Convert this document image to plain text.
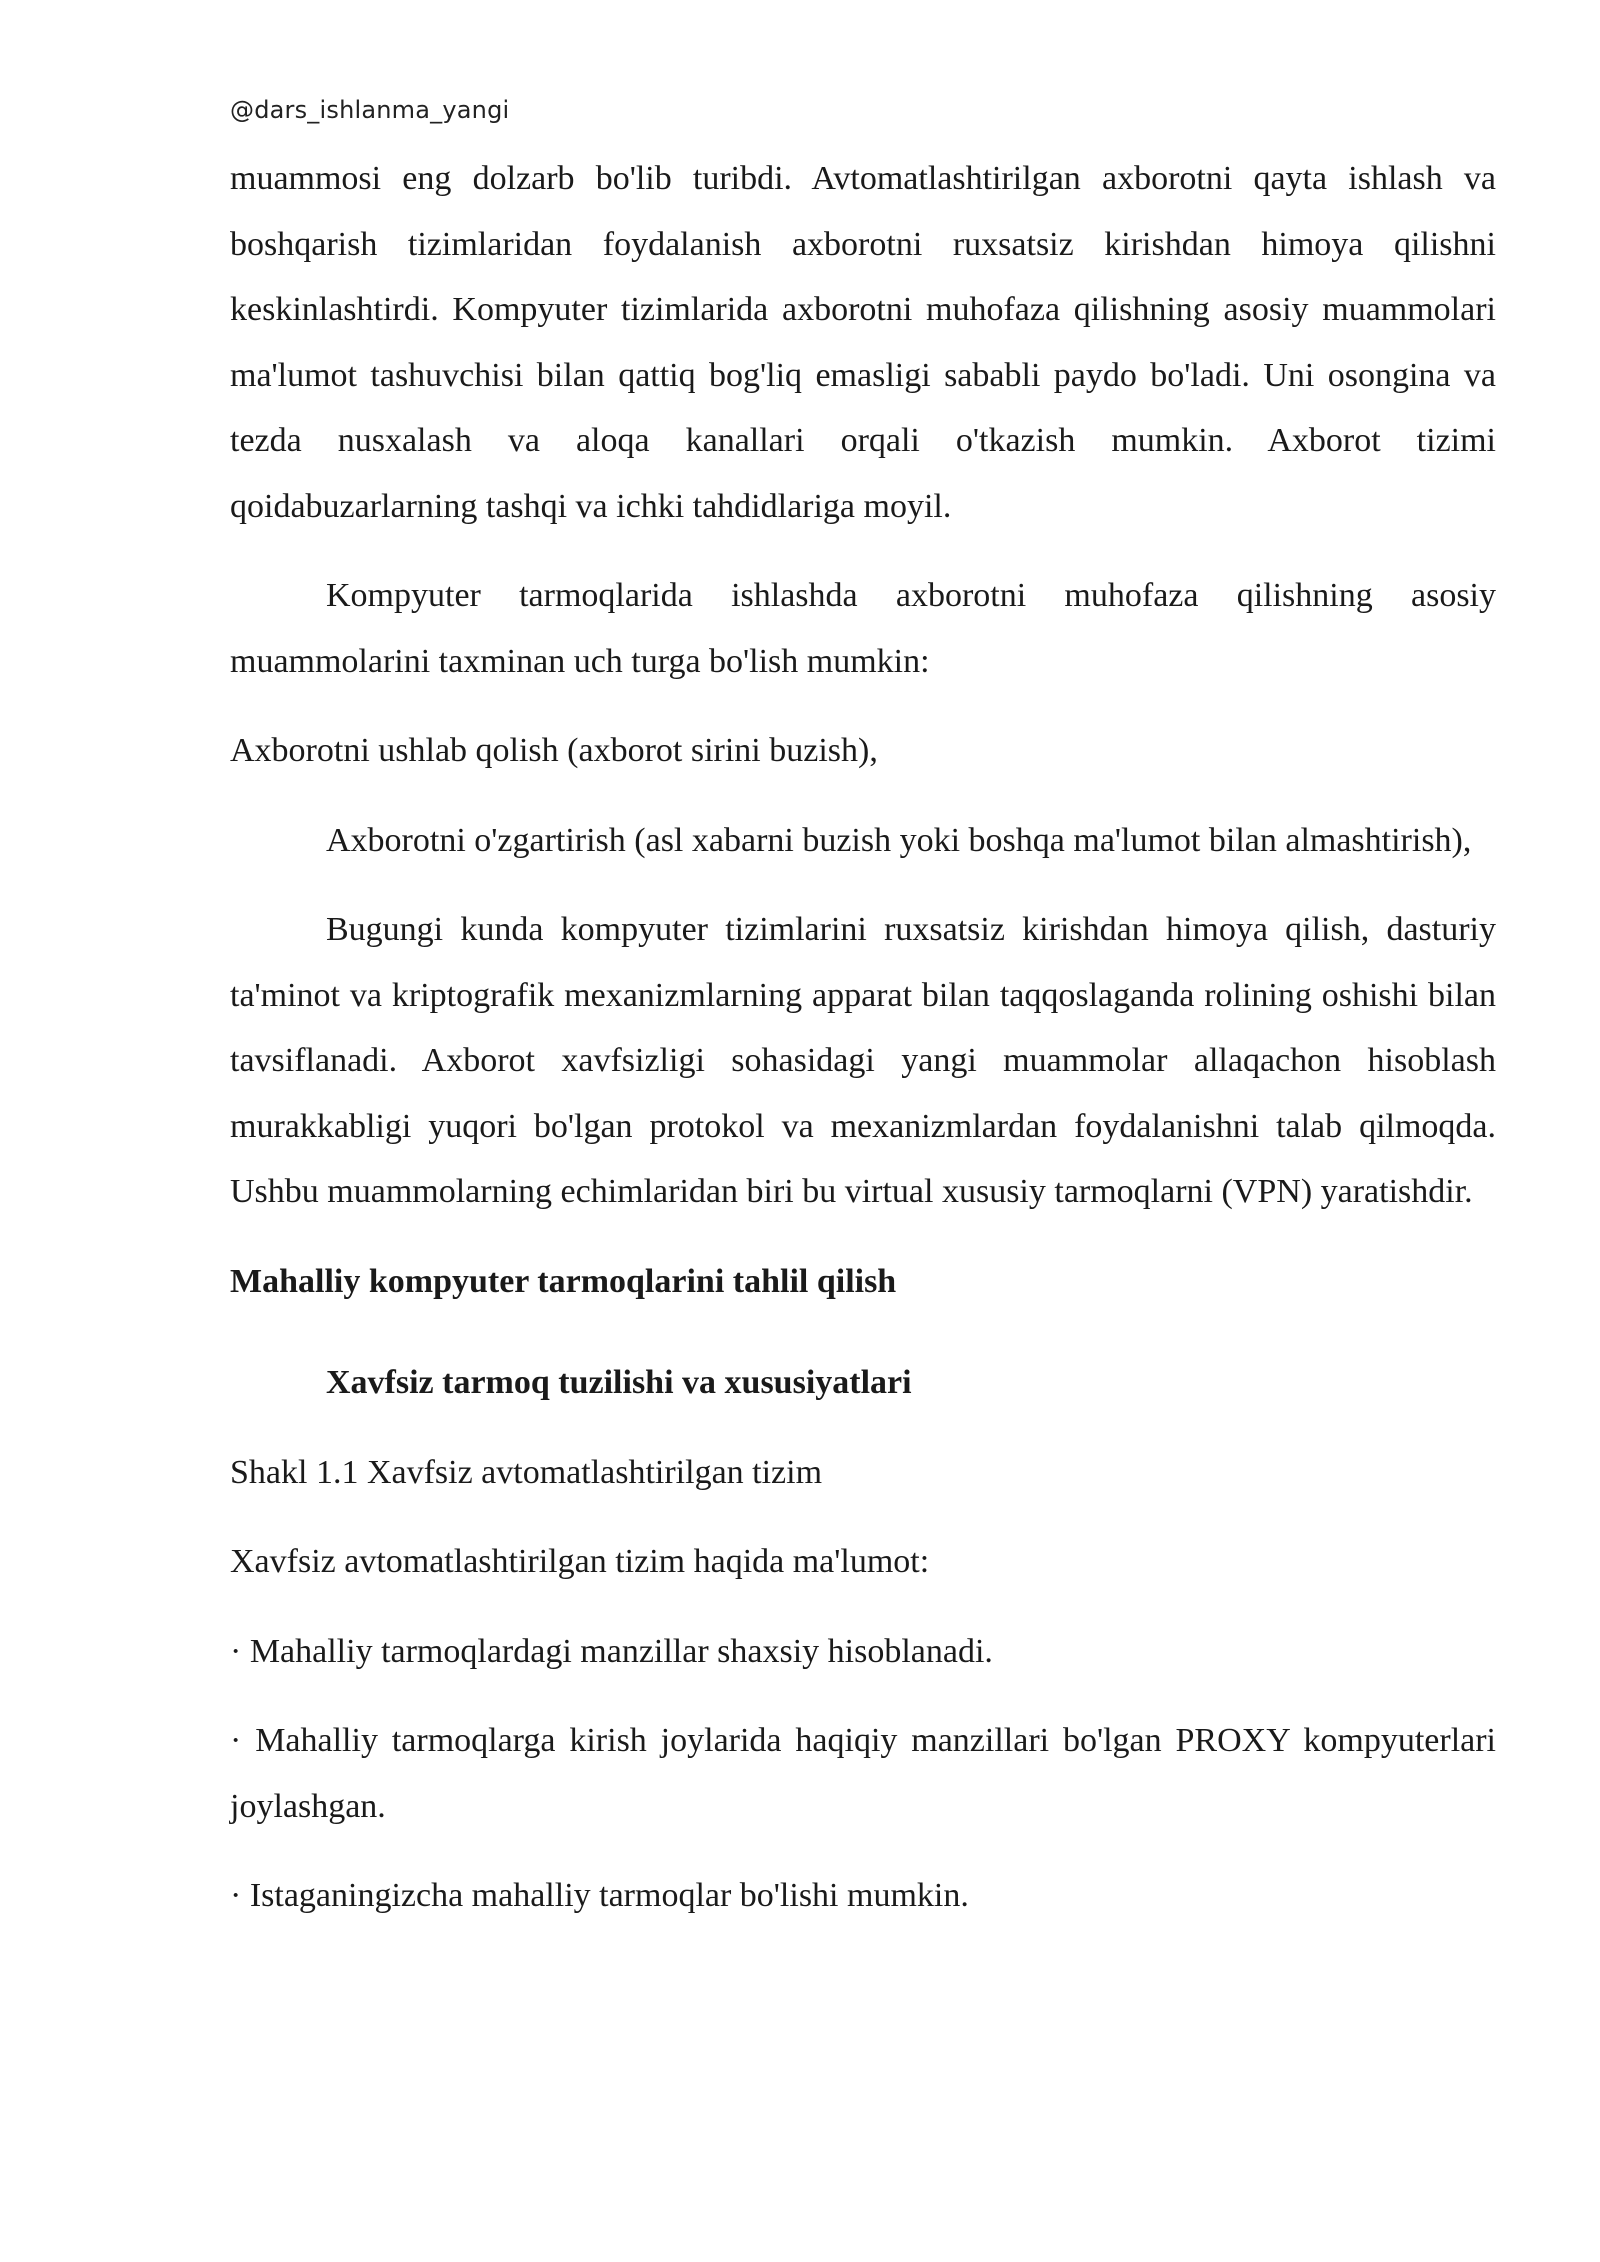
@dars_ishlanma_yangi

muammosi eng dolzarb bo'lib turibdi. Avtomatlashtirilgan axborotni qayta ishlash va boshqarish tizimlaridan foydalanish axborotni ruxsatsiz kirishdan himoya qilishni keskinlashtirdi. Kompyuter tizimlarida axborotni muhofaza qilishning asosiy muammolari ma'lumot tashuvchisi bilan qattiq bog'liq emasligi sababli paydo bo'ladi. Uni osongina va tezda nusxalash va aloqa kanallari orqali o'tkazish mumkin. Axborot tizimi qoidabuzarlarning tashqi va ichki tahdidlariga moyil.

Kompyuter tarmoqlarida ishlashda axborotni muhofaza qilishning asosiy muammolarini taxminan uch turga bo'lish mumkin:

Axborotni ushlab qolish (axborot sirini buzish),

Axborotni o'zgartirish (asl xabarni buzish yoki boshqa ma'lumot bilan almashtirish),

Bugungi kunda kompyuter tizimlarini ruxsatsiz kirishdan himoya qilish, dasturiy ta'minot va kriptografik mexanizmlarning apparat bilan taqqoslaganda rolining oshishi bilan tavsiflanadi. Axborot xavfsizligi sohasidagi yangi muammolar allaqachon hisoblash murakkabligi yuqori bo'lgan protokol va mexanizmlardan foydalanishni talab qilmoqda. Ushbu muammolarning echimlaridan biri bu virtual xususiy tarmoqlarni (VPN) yaratishdir.

Mahalliy kompyuter tarmoqlarini tahlil qilish
Xavfsiz tarmoq tuzilishi va xususiyatlari

Shakl 1.1 Xavfsiz avtomatlashtirilgan tizim

Xavfsiz avtomatlashtirilgan tizim haqida ma'lumot:

· Mahalliy tarmoqlardagi manzillar shaxsiy hisoblanadi.

· Mahalliy tarmoqlarga kirish joylarida haqiqiy manzillari bo'lgan PROXY kompyuterlari joylashgan.

· Istaganingizcha mahalliy tarmoqlar bo'lishi mumkin.
